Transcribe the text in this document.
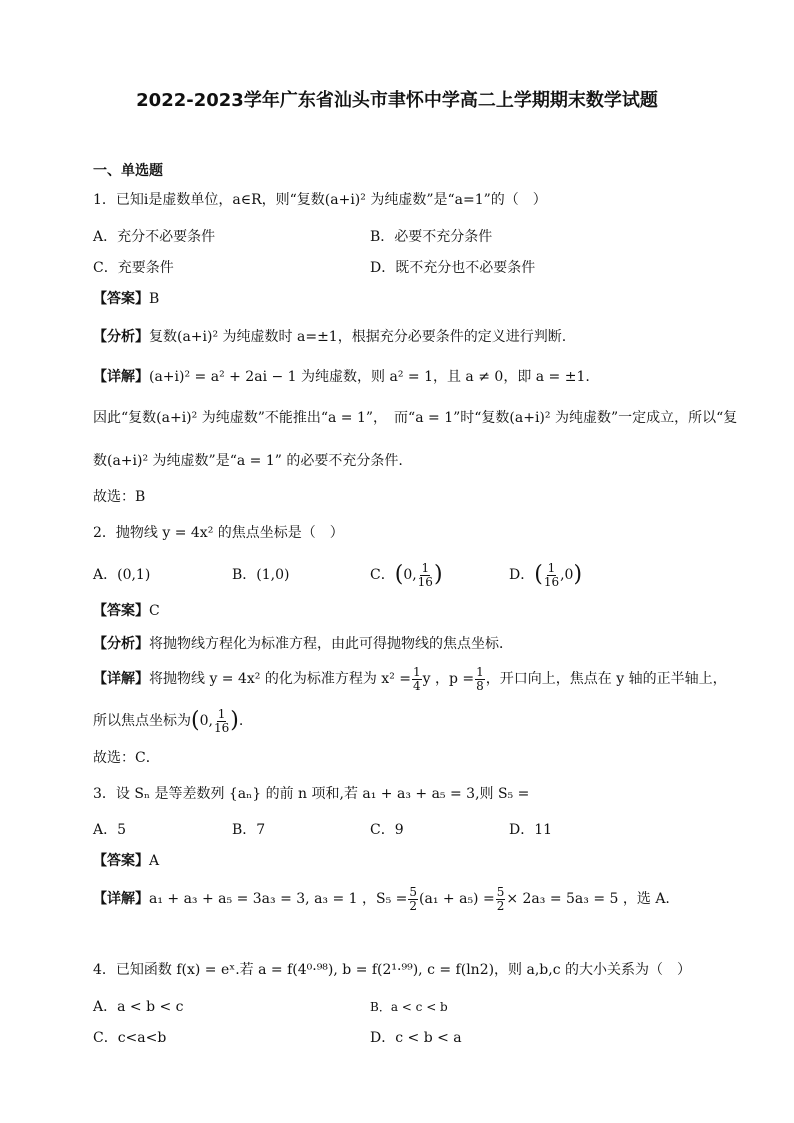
2022-2023学年广东省汕头市聿怀中学高二上学期期末数学试题
一、单选题
1．已知i是虚数单位，a∈R，则“复数(a+i)² 为纯虚数”是“a=1”的（　）
A．充分不必要条件	B．必要不充分条件
C．充要条件	D．既不充分也不必要条件
【答案】B
【分析】复数(a+i)² 为纯虚数时 a=±1，根据充分必要条件的定义进行判断.
【详解】(a+i)² = a² + 2ai − 1 为纯虚数，则 a² = 1，且 a ≠ 0，即 a = ±1.
因此“复数(a+i)² 为纯虚数”不能推出“a = 1”，　而“a = 1”时“复数(a+i)² 为纯虚数”一定成立，所以“复
数(a+i)² 为纯虚数”是“a = 1” 的必要不充分条件.
故选：B
2．抛物线 y = 4x² 的焦点坐标是（　）
A．(0,1)	B．(1,0)	C．(0, $\frac{1}{16}$ )	D．( $\frac{1}{16} ,0$)
【答案】C
【分析】将抛物线方程化为标准方程，由此可得抛物线的焦点坐标．
【详解】将抛物线 y = 4x² 的化为标准方程为 $x^2 = \frac{1}{4}$ y ，$p = \frac{1}{8}$ ，开口向上，焦点在 y 轴的正半轴上，
所以焦点坐标为(0, $\frac{1}{16}$ ).
故选：C．
3．设 Sₙ 是等差数列 {aₙ} 的前 n 项和,若 a₁ + a₃ + a₅ = 3,则 S₅ =
A．5	B．7	C．9	D．11
【答案】A
【详解】a₁ + a₃ + a₅ = 3a₃ = 3, a₃ = 1 ，$S_5 = \frac{5}{2} (a_1 + a_5) = \frac{5}{2} \times 2a_3 = 5a_3 = 5$ ，选 A.
4．已知函数 f(x) = eˣ.若 a = f(4⁰·⁹⁸), b = f(2¹·⁹⁹), c = f(ln2)，则 a,b,c 的大小关系为（　）
A．a < b < c	B．a < c < b
C．c<a<b	D．c < b < a
